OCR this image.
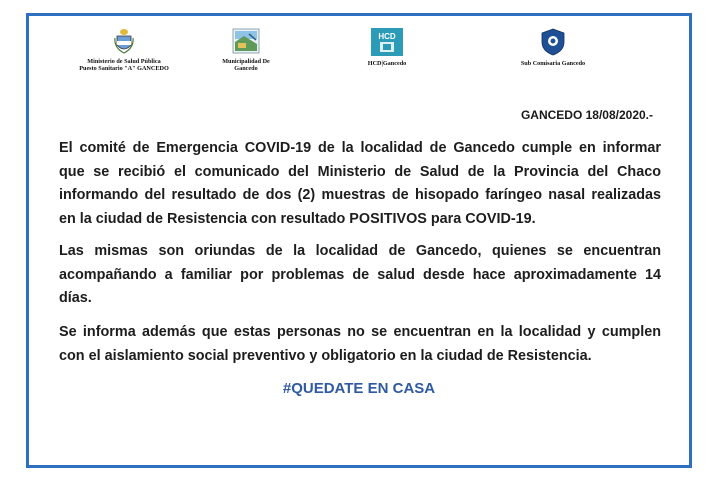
Ministerio de Salud Pública
Puesto Sanitario "A" GANCEDO
Municipalidad De
Gancedo
HCD
HCD|Gancedo	Sub Comisaria Gancedo
GANCEDO 18/08/2020.-
El comité de Emergencia COVID-19 de la localidad de Gancedo cumple en informar
que se recibió el comunicado del Ministerio de Salud de la Provincia del Chaco
informando del resultado de dos (2) muestras de hisopado faríngeo nasal realizadas
en la ciudad de Resistencia con resultado POSITIVOS para COVID-19.
Las mismas son oriundas de la localidad de Gancedo, quienes se encuentran
acompañando a familiar por problemas de salud desde hace aproximadamente 14
días.
Se informa además que estas personas no se encuentran en la localidad y cumplen
con el aislamiento social preventivo y obligatorio en la ciudad de Resistencia.
#QUEDATE EN CASA
